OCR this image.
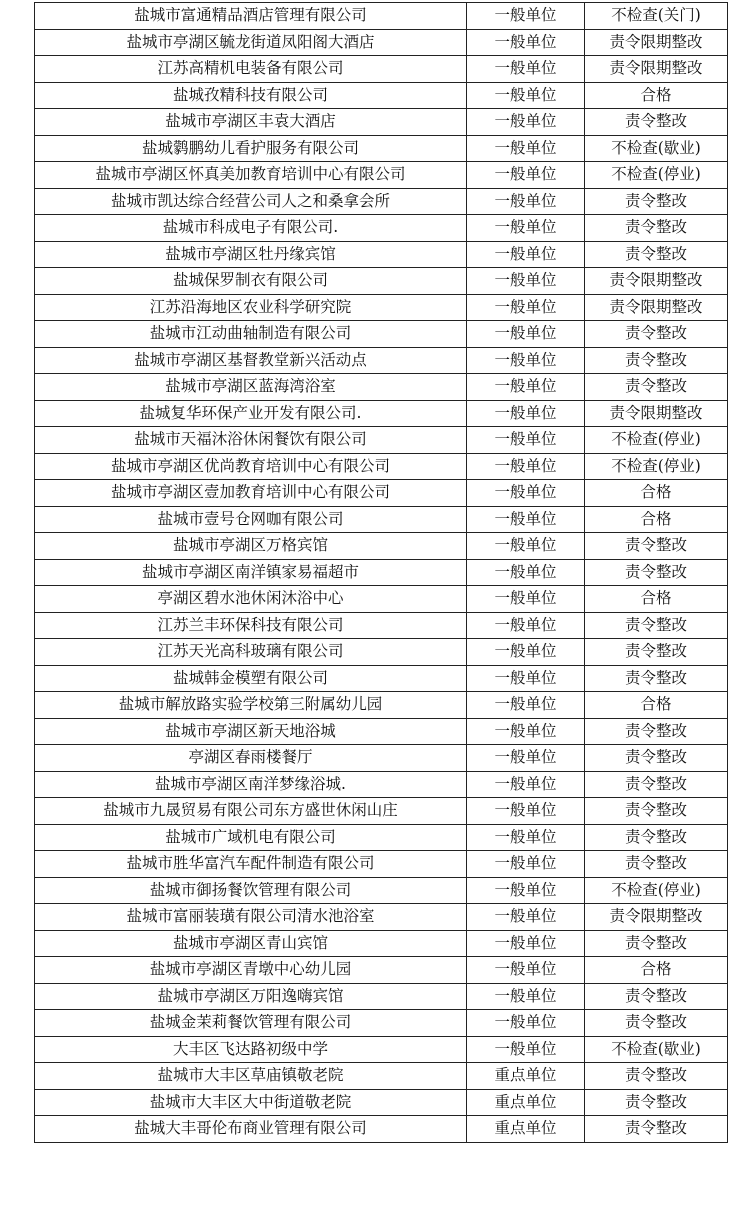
盐城市富通精品酒店管理有限公司	一般单位	不检查(关门)
盐城市亭湖区毓龙街道凤阳阁大酒店	一般单位	责令限期整改
江苏高精机电装备有限公司	一般单位	责令限期整改
盐城孜精科技有限公司	一般单位	合格
盐城市亭湖区丰袁大酒店	一般单位	责令整改
盐城鹲鹏幼儿看护服务有限公司	一般单位	不检查(歇业)
盐城市亭湖区怀真美加教育培训中心有限公司	一般单位	不检查(停业)
盐城市凯达综合经营公司人之和桑拿会所	一般单位	责令整改
盐城市科成电子有限公司.	一般单位	责令整改
盐城市亭湖区牡丹缘宾馆	一般单位	责令整改
盐城保罗制衣有限公司	一般单位	责令限期整改
江苏沿海地区农业科学研究院	一般单位	责令限期整改
盐城市江动曲轴制造有限公司	一般单位	责令整改
盐城市亭湖区基督教堂新兴活动点	一般单位	责令整改
盐城市亭湖区蓝海湾浴室	一般单位	责令整改
盐城复华环保产业开发有限公司.	一般单位	责令限期整改
盐城市天福沐浴休闲餐饮有限公司	一般单位	不检查(停业)
盐城市亭湖区优尚教育培训中心有限公司	一般单位	不检查(停业)
盐城市亭湖区壹加教育培训中心有限公司	一般单位	合格
盐城市壹号仓网咖有限公司	一般单位	合格
盐城市亭湖区万格宾馆	一般单位	责令整改
盐城市亭湖区南洋镇家易福超市	一般单位	责令整改
亭湖区碧水池休闲沐浴中心	一般单位	合格
江苏兰丰环保科技有限公司	一般单位	责令整改
江苏天光高科玻璃有限公司	一般单位	责令整改
盐城韩金模塑有限公司	一般单位	责令整改
盐城市解放路实验学校第三附属幼儿园	一般单位	合格
盐城市亭湖区新天地浴城	一般单位	责令整改
亭湖区春雨楼餐厅	一般单位	责令整改
盐城市亭湖区南洋梦缘浴城.	一般单位	责令整改
盐城市九晟贸易有限公司东方盛世休闲山庄	一般单位	责令整改
盐城市广域机电有限公司	一般单位	责令整改
盐城市胜华富汽车配件制造有限公司	一般单位	责令整改
盐城市御扬餐饮管理有限公司	一般单位	不检查(停业)
盐城市富丽装璜有限公司清水池浴室	一般单位	责令限期整改
盐城市亭湖区青山宾馆	一般单位	责令整改
盐城市亭湖区青墩中心幼儿园	一般单位	合格
盐城市亭湖区万阳逸嗨宾馆	一般单位	责令整改
盐城金茉莉餐饮管理有限公司	一般单位	责令整改
大丰区飞达路初级中学	一般单位	不检查(歇业)
盐城市大丰区草庙镇敬老院	重点单位	责令整改
盐城市大丰区大中街道敬老院	重点单位	责令整改
盐城大丰哥伦布商业管理有限公司	重点单位	责令整改
